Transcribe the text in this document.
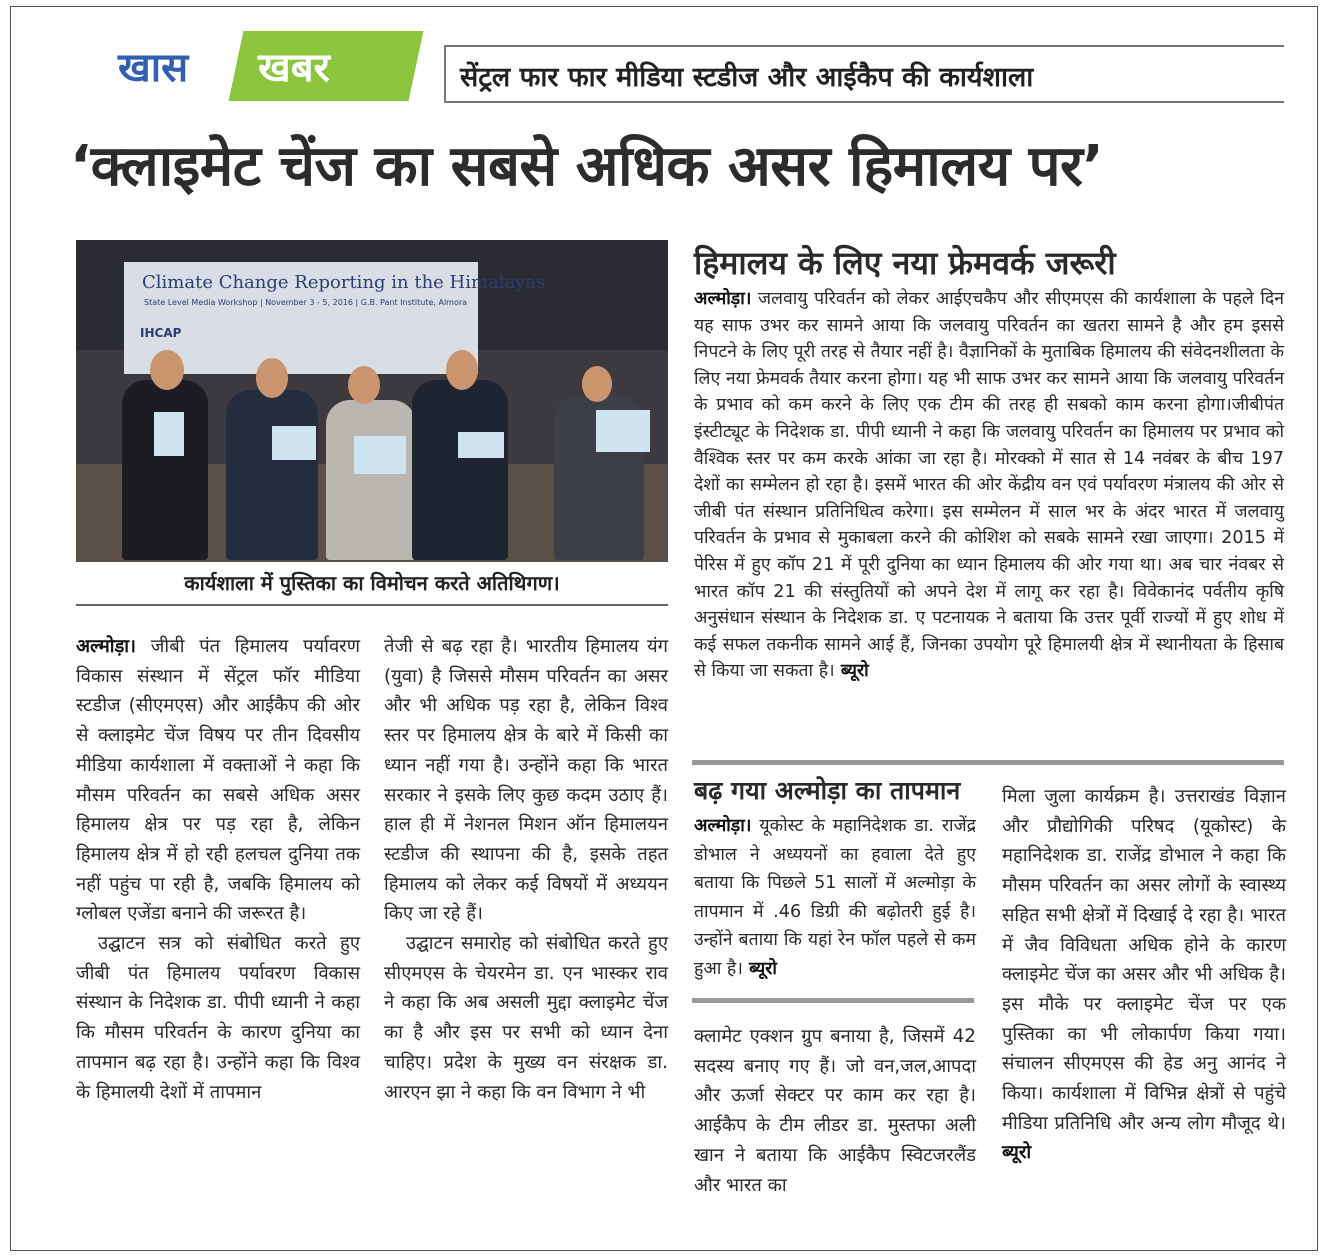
खास खबर	सेंट्रल फार फार मीडिया स्टडीज और आईकैप की कार्यशाला
‘क्लाइमेट चेंज का सबसे अधिक असर हिमालय पर’
Climate Change Reporting in the Himalayas
State Level Media Workshop | November 3 - 5, 2016 | G.B. Pant Institute, Almora
IHCAP
कार्यशाला में पुस्तिका का विमोचन करते अतिथिगण।

अल्मोड़ा। जीबी पंत हिमालय पर्यावरण विकास संस्थान में सेंट्रल फॉर मीडिया स्टडीज (सीएमएस) और आईकैप की ओर से क्लाइमेट चेंज विषय पर तीन दिवसीय मीडिया कार्यशाला में वक्ताओं ने कहा कि मौसम परिवर्तन का सबसे अधिक असर हिमालय क्षेत्र पर पड़ रहा है, लेकिन हिमालय क्षेत्र में हो रही हलचल दुनिया तक नहीं पहुंच पा रही है, जबकि हिमालय को ग्लोबल एजेंडा बनाने की जरूरत है।

उद्घाटन सत्र को संबोधित करते हुए जीबी पंत हिमालय पर्यावरण विकास संस्थान के निदेशक डा. पीपी ध्यानी ने कहा कि मौसम परिवर्तन के कारण दुनिया का तापमान बढ़ रहा है। उन्होंने कहा कि विश्व के हिमालयी देशों में तापमान

तेजी से बढ़ रहा है। भारतीय हिमालय यंग (युवा) है जिससे मौसम परिवर्तन का असर और भी अधिक पड़ रहा है, लेकिन विश्व स्तर पर हिमालय क्षेत्र के बारे में किसी का ध्यान नहीं गया है। उन्होंने कहा कि भारत सरकार ने इसके लिए कुछ कदम उठाए हैं। हाल ही में नेशनल मिशन ऑन हिमालयन स्टडीज की स्थापना की है, इसके तहत हिमालय को लेकर कई विषयों में अध्ययन किए जा रहे हैं।

उद्घाटन समारोह को संबोधित करते हुए सीएमएस के चेयरमेन डा. एन भास्कर राव ने कहा कि अब असली मुद्दा क्लाइमेट चेंज का है और इस पर सभी को ध्यान देना चाहिए। प्रदेश के मुख्य वन संरक्षक डा. आरएन झा ने कहा कि वन विभाग ने भी

हिमालय के लिए नया फ्रेमवर्क जरूरी

अल्मोड़ा। जलवायु परिवर्तन को लेकर आईएचकैप और सीएमएस की कार्यशाला के पहले दिन यह साफ उभर कर सामने आया कि जलवायु परिवर्तन का खतरा सामने है और हम इससे निपटने के लिए पूरी तरह से तैयार नहीं है। वैज्ञानिकों के मुताबिक हिमालय की संवेदनशीलता के लिए नया फ्रेमवर्क तैयार करना होगा। यह भी साफ उभर कर सामने आया कि जलवायु परिवर्तन के प्रभाव को कम करने के लिए एक टीम की तरह ही सबको काम करना होगा।जीबीपंत इंस्टीट्यूट के निदेशक डा. पीपी ध्यानी ने कहा कि जलवायु परिवर्तन का हिमालय पर प्रभाव को वैश्विक स्तर पर कम करके आंका जा रहा है। मोरक्को में सात से 14 नवंबर के बीच 197 देशों का सम्मेलन हो रहा है। इसमें भारत की ओर केंद्रीय वन एवं पर्यावरण मंत्रालय की ओर से जीबी पंत संस्थान प्रतिनिधित्व करेगा। इस सम्मेलन में साल भर के अंदर भारत में जलवायु परिवर्तन के प्रभाव से मुकाबला करने की कोशिश को सबके सामने रखा जाएगा। 2015 में पेरिस में हुए कॉप 21 में पूरी दुनिया का ध्यान हिमालय की ओर गया था। अब चार नंवबर से भारत कॉप 21 की संस्तुतियों को अपने देश में लागू कर रहा है। विवेकानंद पर्वतीय कृषि अनुसंधान संस्थान के निदेशक डा. ए पटनायक ने बताया कि उत्तर पूर्वी राज्यों में हुए शोध में कई सफल तकनीक सामने आई हैं, जिनका उपयोग पूरे हिमालयी क्षेत्र में स्थानीयता के हिसाब से किया जा सकता है। ब्यूरो

बढ़ गया अल्मोड़ा का तापमान

अल्मोड़ा। यूकोस्ट के महानिदेशक डा. राजेंद्र डोभाल ने अध्ययनों का हवाला देते हुए बताया कि पिछले 51 सालों में अल्मोड़ा के तापमान में .46 डिग्री की बढ़ोतरी हुई है। उन्होंने बताया कि यहां रेन फॉल पहले से कम हुआ है। ब्यूरो

क्लामेट एक्शन ग्रुप बनाया है, जिसमें 42 सदस्य बनाए गए हैं। जो वन,जल,आपदा और ऊर्जा सेक्टर पर काम कर रहा है। आईकैप के टीम लीडर डा. मुस्तफा अली खान ने बताया कि आईकैप स्विटजरलैंड और भारत का

मिला जुला कार्यक्रम है। उत्तराखंड विज्ञान और प्रौद्योगिकी परिषद (यूकोस्ट) के महानिदेशक डा. राजेंद्र डोभाल ने कहा कि मौसम परिवर्तन का असर लोगों के स्वास्थ्य सहित सभी क्षेत्रों में दिखाई दे रहा है। भारत में जैव विविधता अधिक होने के कारण क्लाइमेट चेंज का असर और भी अधिक है। इस मौके पर क्लाइमेट चेंज पर एक पुस्तिका का भी लोकार्पण किया गया। संचालन सीएमएस की हेड अनु आनंद ने किया। कार्यशाला में विभिन्न क्षेत्रों से पहुंचे मीडिया प्रतिनिधि और अन्य लोग मौजूद थे। ब्यूरो
